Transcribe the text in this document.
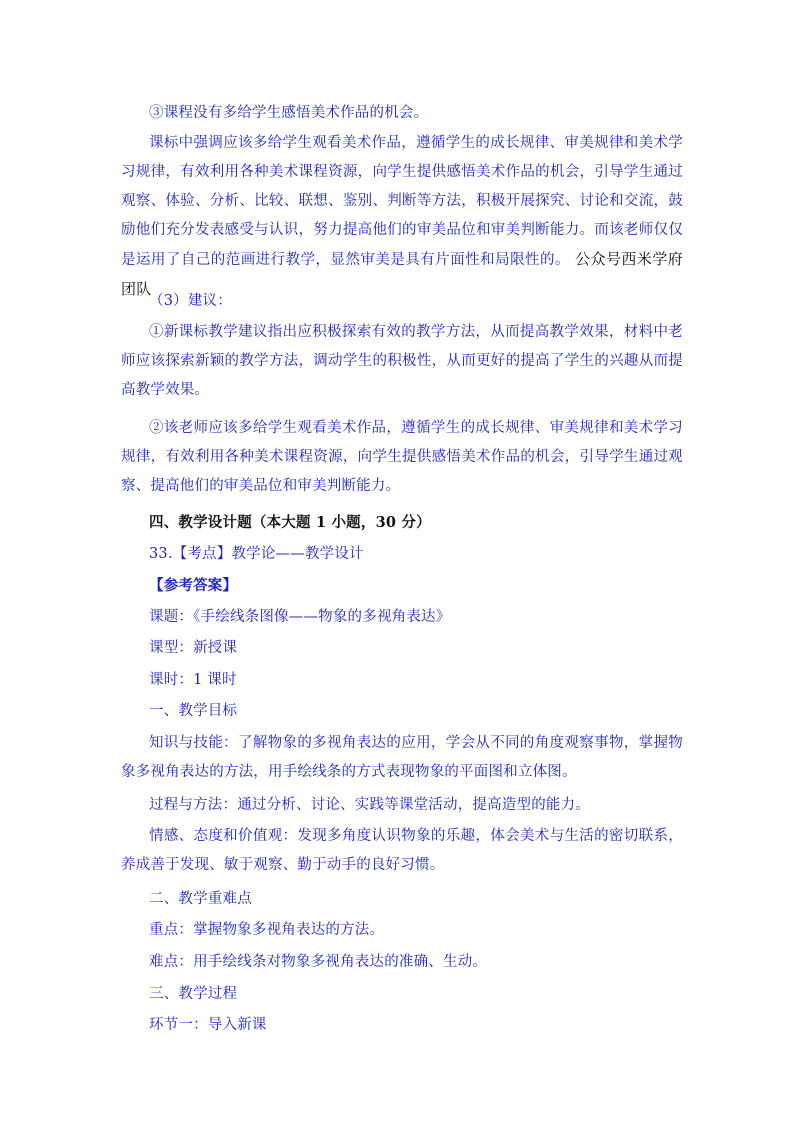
③课程没有多给学生感悟美术作品的机会。

课标中强调应该多给学生观看美术作品，遵循学生的成长规律、审美规律和美术学习规律，有效利用各种美术课程资源，向学生提供感悟美术作品的机会，引导学生通过观察、体验、分析、比较、联想、鉴别、判断等方法，积极开展探究、讨论和交流，鼓励他们充分发表感受与认识，努力提高他们的审美品位和审美判断能力。而该老师仅仅是运用了自己的范画进行教学，显然审美是具有片面性和局限性的。 公众号西米学府团队

（3）建议：

①新课标教学建议指出应积极探索有效的教学方法，从而提高教学效果，材料中老师应该探索新颖的教学方法，调动学生的积极性，从而更好的提高了学生的兴趣从而提高教学效果。

②该老师应该多给学生观看美术作品，遵循学生的成长规律、审美规律和美术学习规律，有效利用各种美术课程资源，向学生提供感悟美术作品的机会，引导学生通过观察、提高他们的审美品位和审美判断能力。

四、教学设计题（本大题 1 小题，30 分）

33.【考点】教学论——教学设计

【参考答案】

课题：《手绘线条图像——物象的多视角表达》

课型：新授课

课时：1 课时

一、教学目标

知识与技能：了解物象的多视角表达的应用，学会从不同的角度观察事物，掌握物象多视角表达的方法，用手绘线条的方式表现物象的平面图和立体图。

过程与方法：通过分析、讨论、实践等课堂活动，提高造型的能力。

情感、态度和价值观：发现多角度认识物象的乐趣，体会美术与生活的密切联系，养成善于发现、敏于观察、勤于动手的良好习惯。

二、教学重难点

重点：掌握物象多视角表达的方法。

难点：用手绘线条对物象多视角表达的准确、生动。

三、教学过程

环节一：导入新课
